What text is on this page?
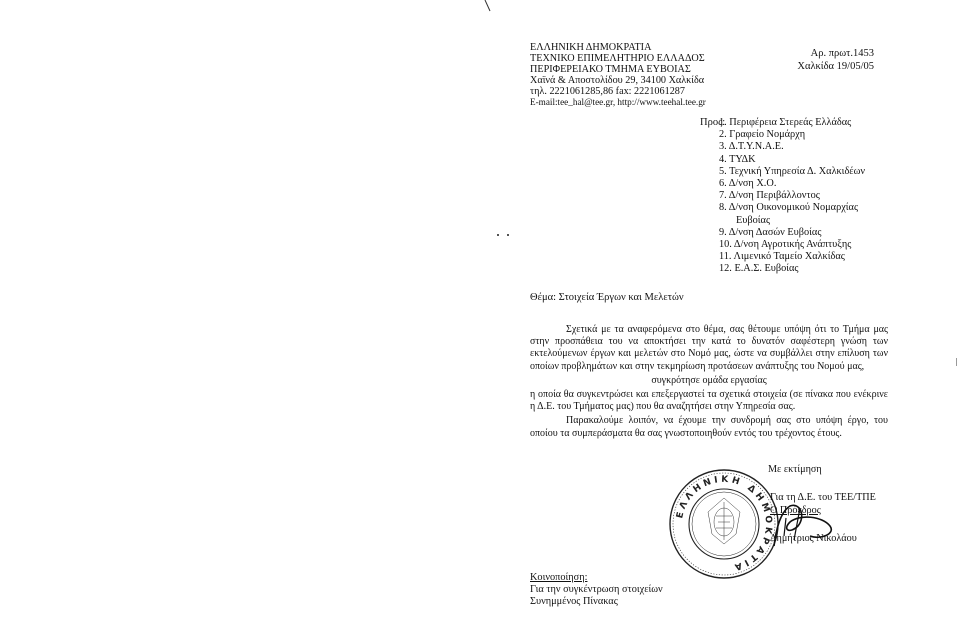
ΕΛΛΗΝΙΚΗ ΔΗΜΟΚΡΑΤΙΑ
ΤΕΧΝΙΚΟ ΕΠΙΜΕΛΗΤΗΡΙΟ ΕΛΛΑΔΟΣ
ΠΕΡΙΦΕΡΕΙΑΚΟ ΤΜΗΜΑ ΕΥΒΟΙΑΣ
Χαϊνά & Αποστολίδου 29, 34100 Χαλκίδα
τηλ. 2221061285,86 fax: 2221061287
E-mail:tee_hal@tee.gr, http://www.teehal.tee.gr
Αρ. πρωτ.1453
Χαλκίδα 19/05/05
Προς:
1. Περιφέρεια Στερεάς Ελλάδας
2. Γραφείο Νομάρχη
3. Δ.Τ.Υ.Ν.Α.Ε.
4. ΤΥΔΚ
5. Τεχνική Υπηρεσία Δ. Χαλκιδέων
6. Δ/νση Χ.Ο.
7. Δ/νση Περιβάλλοντος
8. Δ/νση Οικονομικού Νομαρχίας
Ευβοίας
9. Δ/νση Δασών Ευβοίας
10. Δ/νση Αγροτικής Ανάπτυξης
11. Λιμενικό Ταμείο Χαλκίδας
12. Ε.Α.Σ. Ευβοίας
Θέμα: Στοιχεία Έργων και Μελετών

Σχετικά με τα αναφερόμενα στο θέμα, σας θέτουμε υπόψη ότι το Τμήμα μας στην προσπάθεια του να αποκτήσει την κατά το δυνατόν σαφέστερη γνώση των εκτελούμενων έργων και μελετών στο Νομό μας, ώστε να συμβάλλει στην επίλυση των οποίων προβλημάτων και στην τεκμηρίωση προτάσεων ανάπτυξης του Νομού μας,

συγκρότησε ομάδα εργασίας

η οποία θα συγκεντρώσει και επεξεργαστεί τα σχετικά στοιχεία (σε πίνακα που ενέκρινε η Δ.Ε. του Τμήματος μας) που θα αναζητήσει στην Υπηρεσία σας.

Παρακαλούμε λοιπόν, να έχουμε την συνδρομή σας στο υπόψη έργο, του οποίου τα συμπεράσματα θα σας γνωστοποιηθούν εντός του τρέχοντος έτους.

Με εκτίμηση
ΕΛΛΗΝΙΚΗ ΔΗΜΟΚΡΑΤΙΑ
Για τη Δ.Ε. του ΤΕΕ/ΤΠΕ
Ο Πρόεδρος
Δημήτριος Νικολάου
Κοινοποίηση:
Για την συγκέντρωση στοιχείων
Συνημμένος Πίνακας
